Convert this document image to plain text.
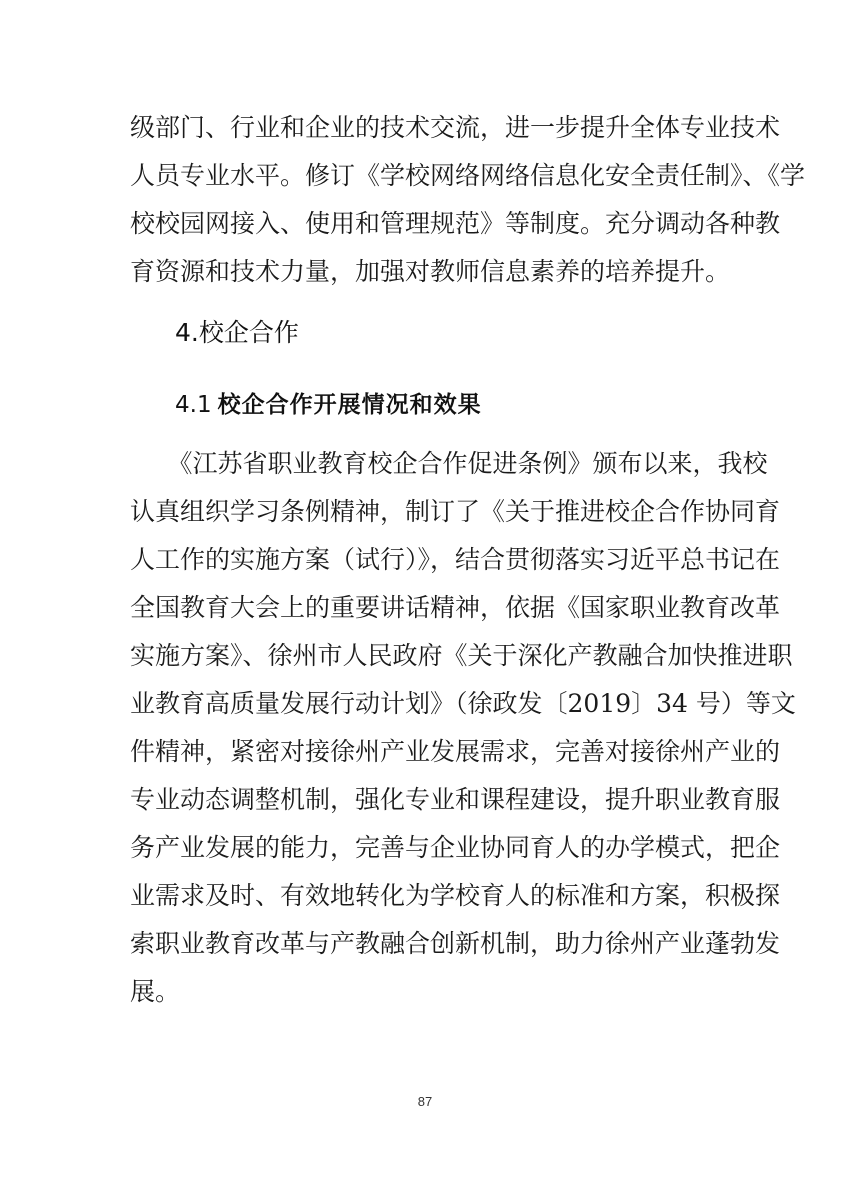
级部门、行业和企业的技术交流，进一步提升全体专业技术
人员专业水平。修订《学校网络网络信息化安全责任制》、《学
校校园网接入、使用和管理规范》等制度。充分调动各种教
育资源和技术力量，加强对教师信息素养的培养提升。
4.校企合作
4.1 校企合作开展情况和效果
　　《江苏省职业教育校企合作促进条例》颁布以来，我校
认真组织学习条例精神，制订了《关于推进校企合作协同育
人工作的实施方案（试行）》，结合贯彻落实习近平总书记在
全国教育大会上的重要讲话精神，依据《国家职业教育改革
实施方案》、徐州市人民政府《关于深化产教融合加快推进职
业教育高质量发展行动计划》（徐政发〔2019〕34 号）等文
件精神，紧密对接徐州产业发展需求，完善对接徐州产业的
专业动态调整机制，强化专业和课程建设，提升职业教育服
务产业发展的能力，完善与企业协同育人的办学模式，把企
业需求及时、有效地转化为学校育人的标准和方案，积极探
索职业教育改革与产教融合创新机制，助力徐州产业蓬勃发
展。
87
